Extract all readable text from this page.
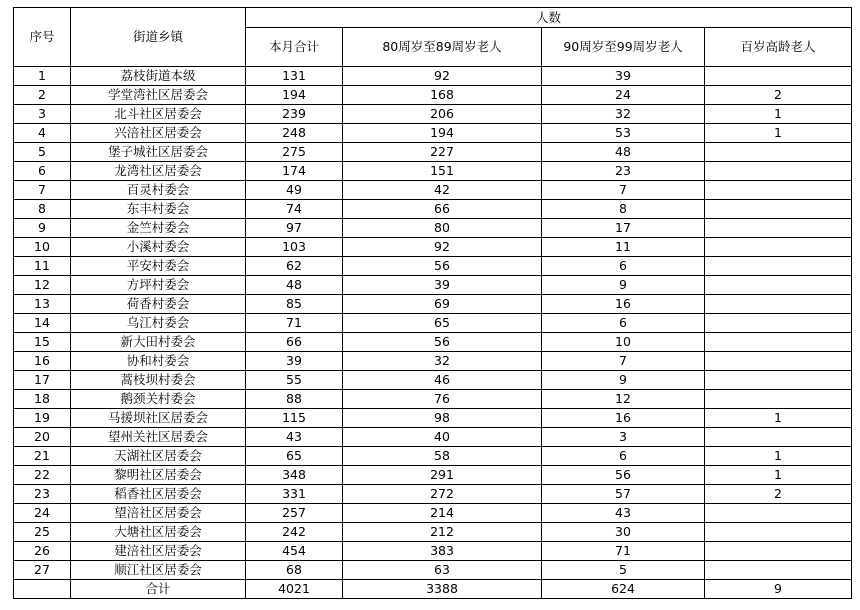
序号	街道乡镇	人数			
		本月合计	80周岁至89周岁老人	90周岁至99周岁老人	百岁高龄老人
1	荔枝街道本级	131	92	39	
2	学堂湾社区居委会	194	168	24	2
3	北斗社区居委会	239	206	32	1
4	兴涪社区居委会	248	194	53	1
5	堡子城社区居委会	275	227	48	
6	龙湾社区居委会	174	151	23	
7	百灵村委会	49	42	7	
8	东丰村委会	74	66	8	
9	金竺村委会	97	80	17	
10	小溪村委会	103	92	11	
11	平安村委会	62	56	6	
12	方坪村委会	48	39	9	
13	荷香村委会	85	69	16	
14	乌江村委会	71	65	6	
15	新大田村委会	66	56	10	
16	协和村委会	39	32	7	
17	蒿枝坝村委会	55	46	9	
18	鹅颈关村委会	88	76	12	
19	马援坝社区居委会	115	98	16	1
20	望州关社区居委会	43	40	3	
21	天湖社区居委会	65	58	6	1
22	黎明社区居委会	348	291	56	1
23	稻香社区居委会	331	272	57	2
24	望涪社区居委会	257	214	43	
25	大塘社区居委会	242	212	30	
26	建涪社区居委会	454	383	71	
27	顺江社区居委会	68	63	5	
	合计	4021	3388	624	9
